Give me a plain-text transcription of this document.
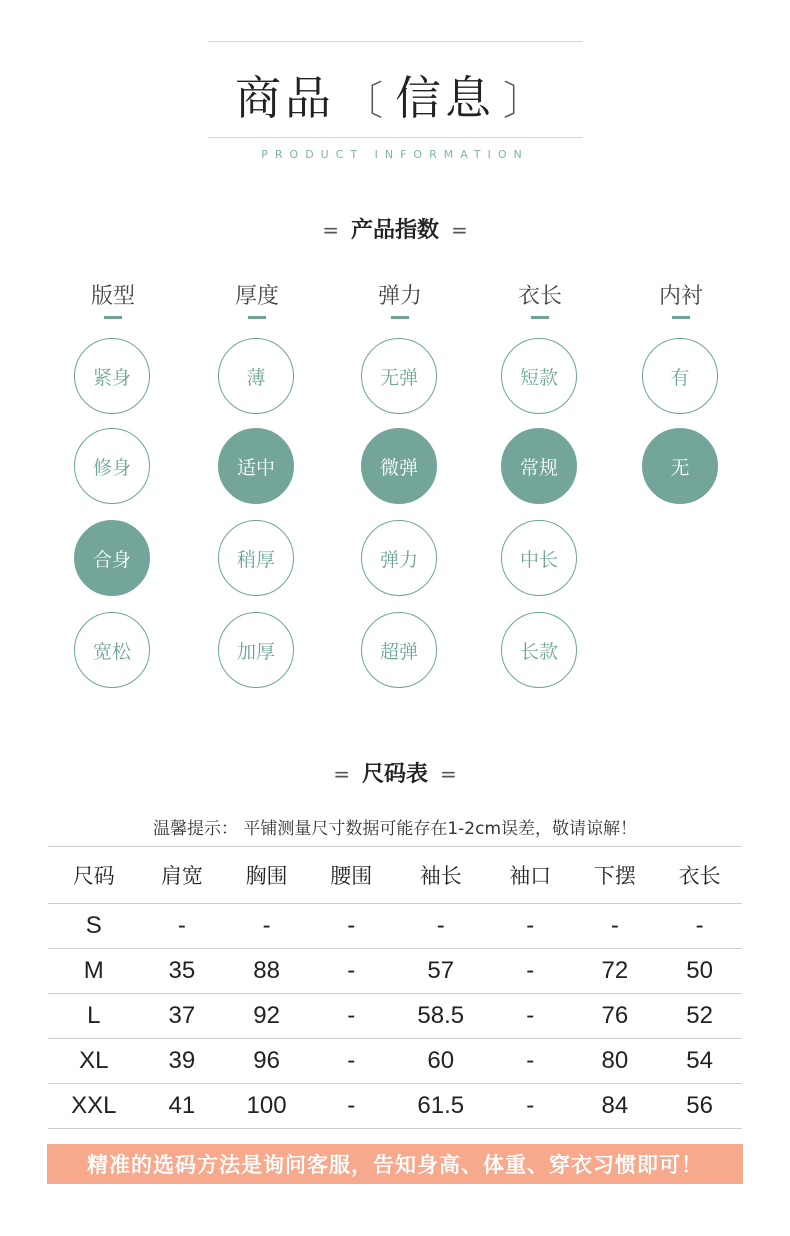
商品 〔 信息 〕
PRODUCT INFORMATION
= 产品指数 =
版型
紧身
修身
合身
宽松
厚度
薄
适中
稍厚
加厚
弹力
无弹
微弹
弹力
超弹
衣长
短款
常规
中长
长款
内衬
有
无
= 尺码表 =
温馨提示： 平铺测量尺寸数据可能存在1-2cm误差，敬请谅解！
尺码	肩宽	胸围	腰围	袖长	袖口	下摆	衣长
S	-	-	-	-	-	-	-
M	35	88	-	57	-	72	50
L	37	92	-	58.5	-	76	52
XL	39	96	-	60	-	80	54
XXL	41	100	-	61.5	-	84	56
精准的选码方法是询问客服，告知身高、体重、穿衣习惯即可！
